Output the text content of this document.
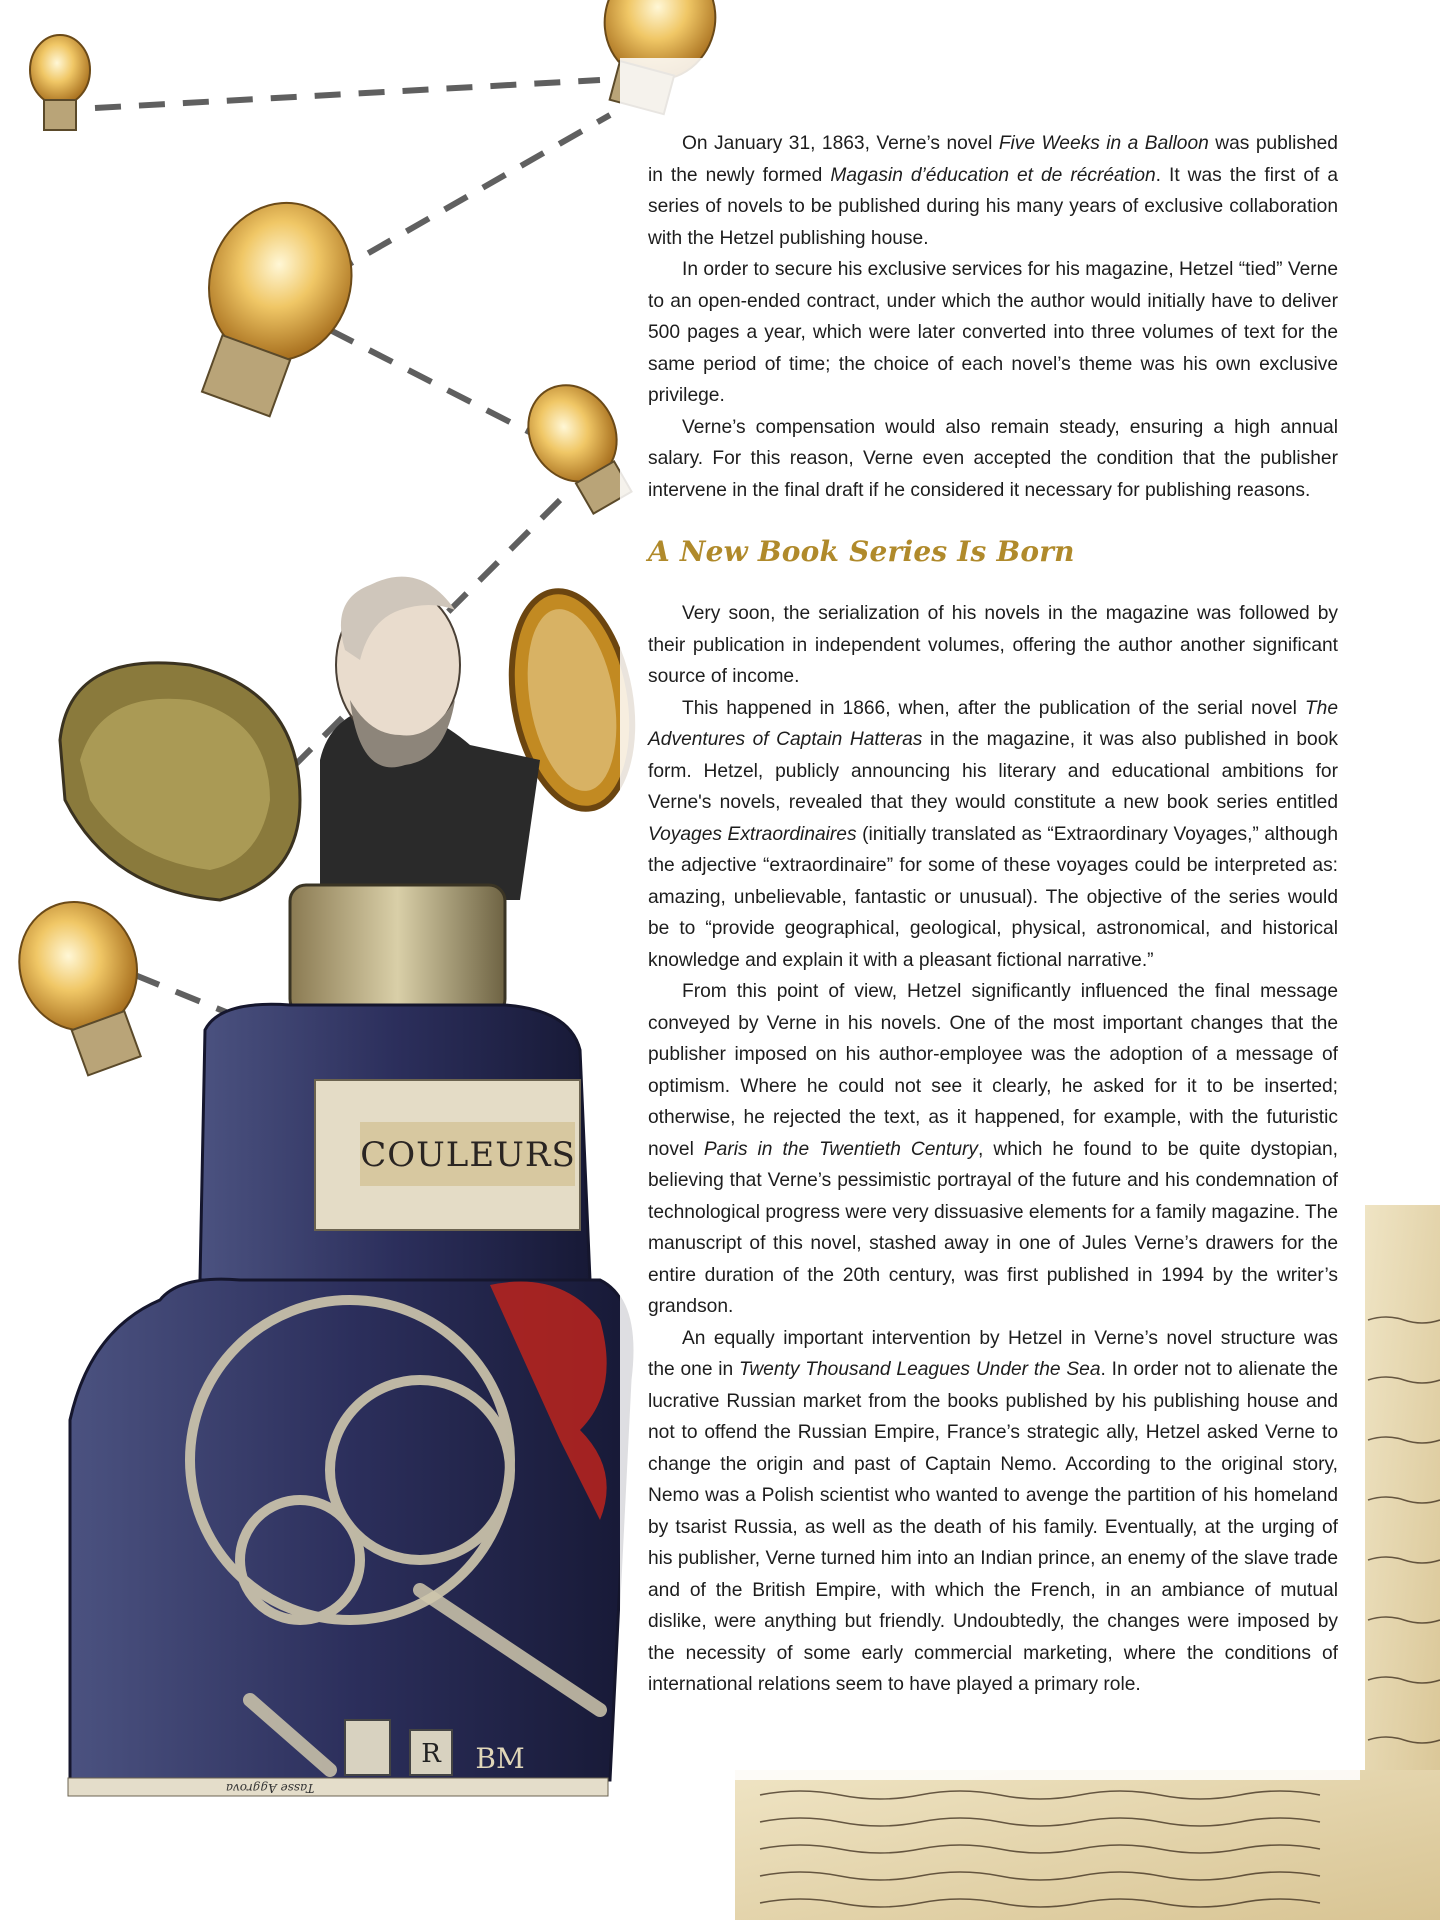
COULEURS
R BM
Tasse Aggrova

On January 31, 1863, Verne’s novel Five Weeks in a Balloon was published in the newly formed Magasin d’éducation et de récréation. It was the first of a series of novels to be published during his many years of exclusive collaboration with the Hetzel publishing house.

In order to secure his exclusive services for his magazine, Hetzel “tied” Verne to an open-ended contract, under which the author would initially have to deliver 500 pages a year, which were later converted into three volumes of text for the same period of time; the choice of each novel’s theme was his own exclusive privilege.

Verne’s compensation would also remain steady, ensuring a high annual salary. For this reason, Verne even accepted the condition that the publisher intervene in the final draft if he considered it necessary for publishing reasons.

A New Book Series Is Born

Very soon, the serialization of his novels in the magazine was followed by their publication in independent volumes, offering the author another significant source of income.

This happened in 1866, when, after the publication of the serial novel The Adventures of Captain Hatteras in the magazine, it was also published in book form. Hetzel, publicly announcing his literary and educational ambitions for Verne's novels, revealed that they would constitute a new book series entitled Voyages Extraordinaires (initially translated as “Extraordinary Voyages,” although the adjective “extraordinaire” for some of these voyages could be interpreted as: amazing, unbelievable, fantastic or unusual). The objective of the series would be to “provide geographical, geological, physical, astronomical, and historical knowledge and explain it with a pleasant fictional narrative.”

From this point of view, Hetzel significantly influenced the final message conveyed by Verne in his novels. One of the most important changes that the publisher imposed on his author-employee was the adoption of a message of optimism. Where he could not see it clearly, he asked for it to be inserted; otherwise, he rejected the text, as it happened, for example, with the futuristic novel Paris in the Twentieth Century, which he found to be quite dystopian, believing that Verne’s pessimistic portrayal of the future and his condemnation of technological progress were very dissuasive elements for a family magazine. The manuscript of this novel, stashed away in one of Jules Verne’s drawers for the entire duration of the 20th century, was first published in 1994 by the writer’s grandson.

An equally important intervention by Hetzel in Verne’s novel structure was the one in Twenty Thousand Leagues Under the Sea. In order not to alienate the lucrative Russian market from the books published by his publishing house and not to offend the Russian Empire, France’s strategic ally, Hetzel asked Verne to change the origin and past of Captain Nemo. According to the original story, Nemo was a Polish scientist who wanted to avenge the partition of his homeland by tsarist Russia, as well as the death of his family. Eventually, at the urging of his publisher, Verne turned him into an Indian prince, an enemy of the slave trade and of the British Empire, with which the French, in an ambiance of mutual dislike, were anything but friendly. Undoubtedly, the changes were imposed by the necessity of some early commercial marketing, where the conditions of international relations seem to have played a primary role.
